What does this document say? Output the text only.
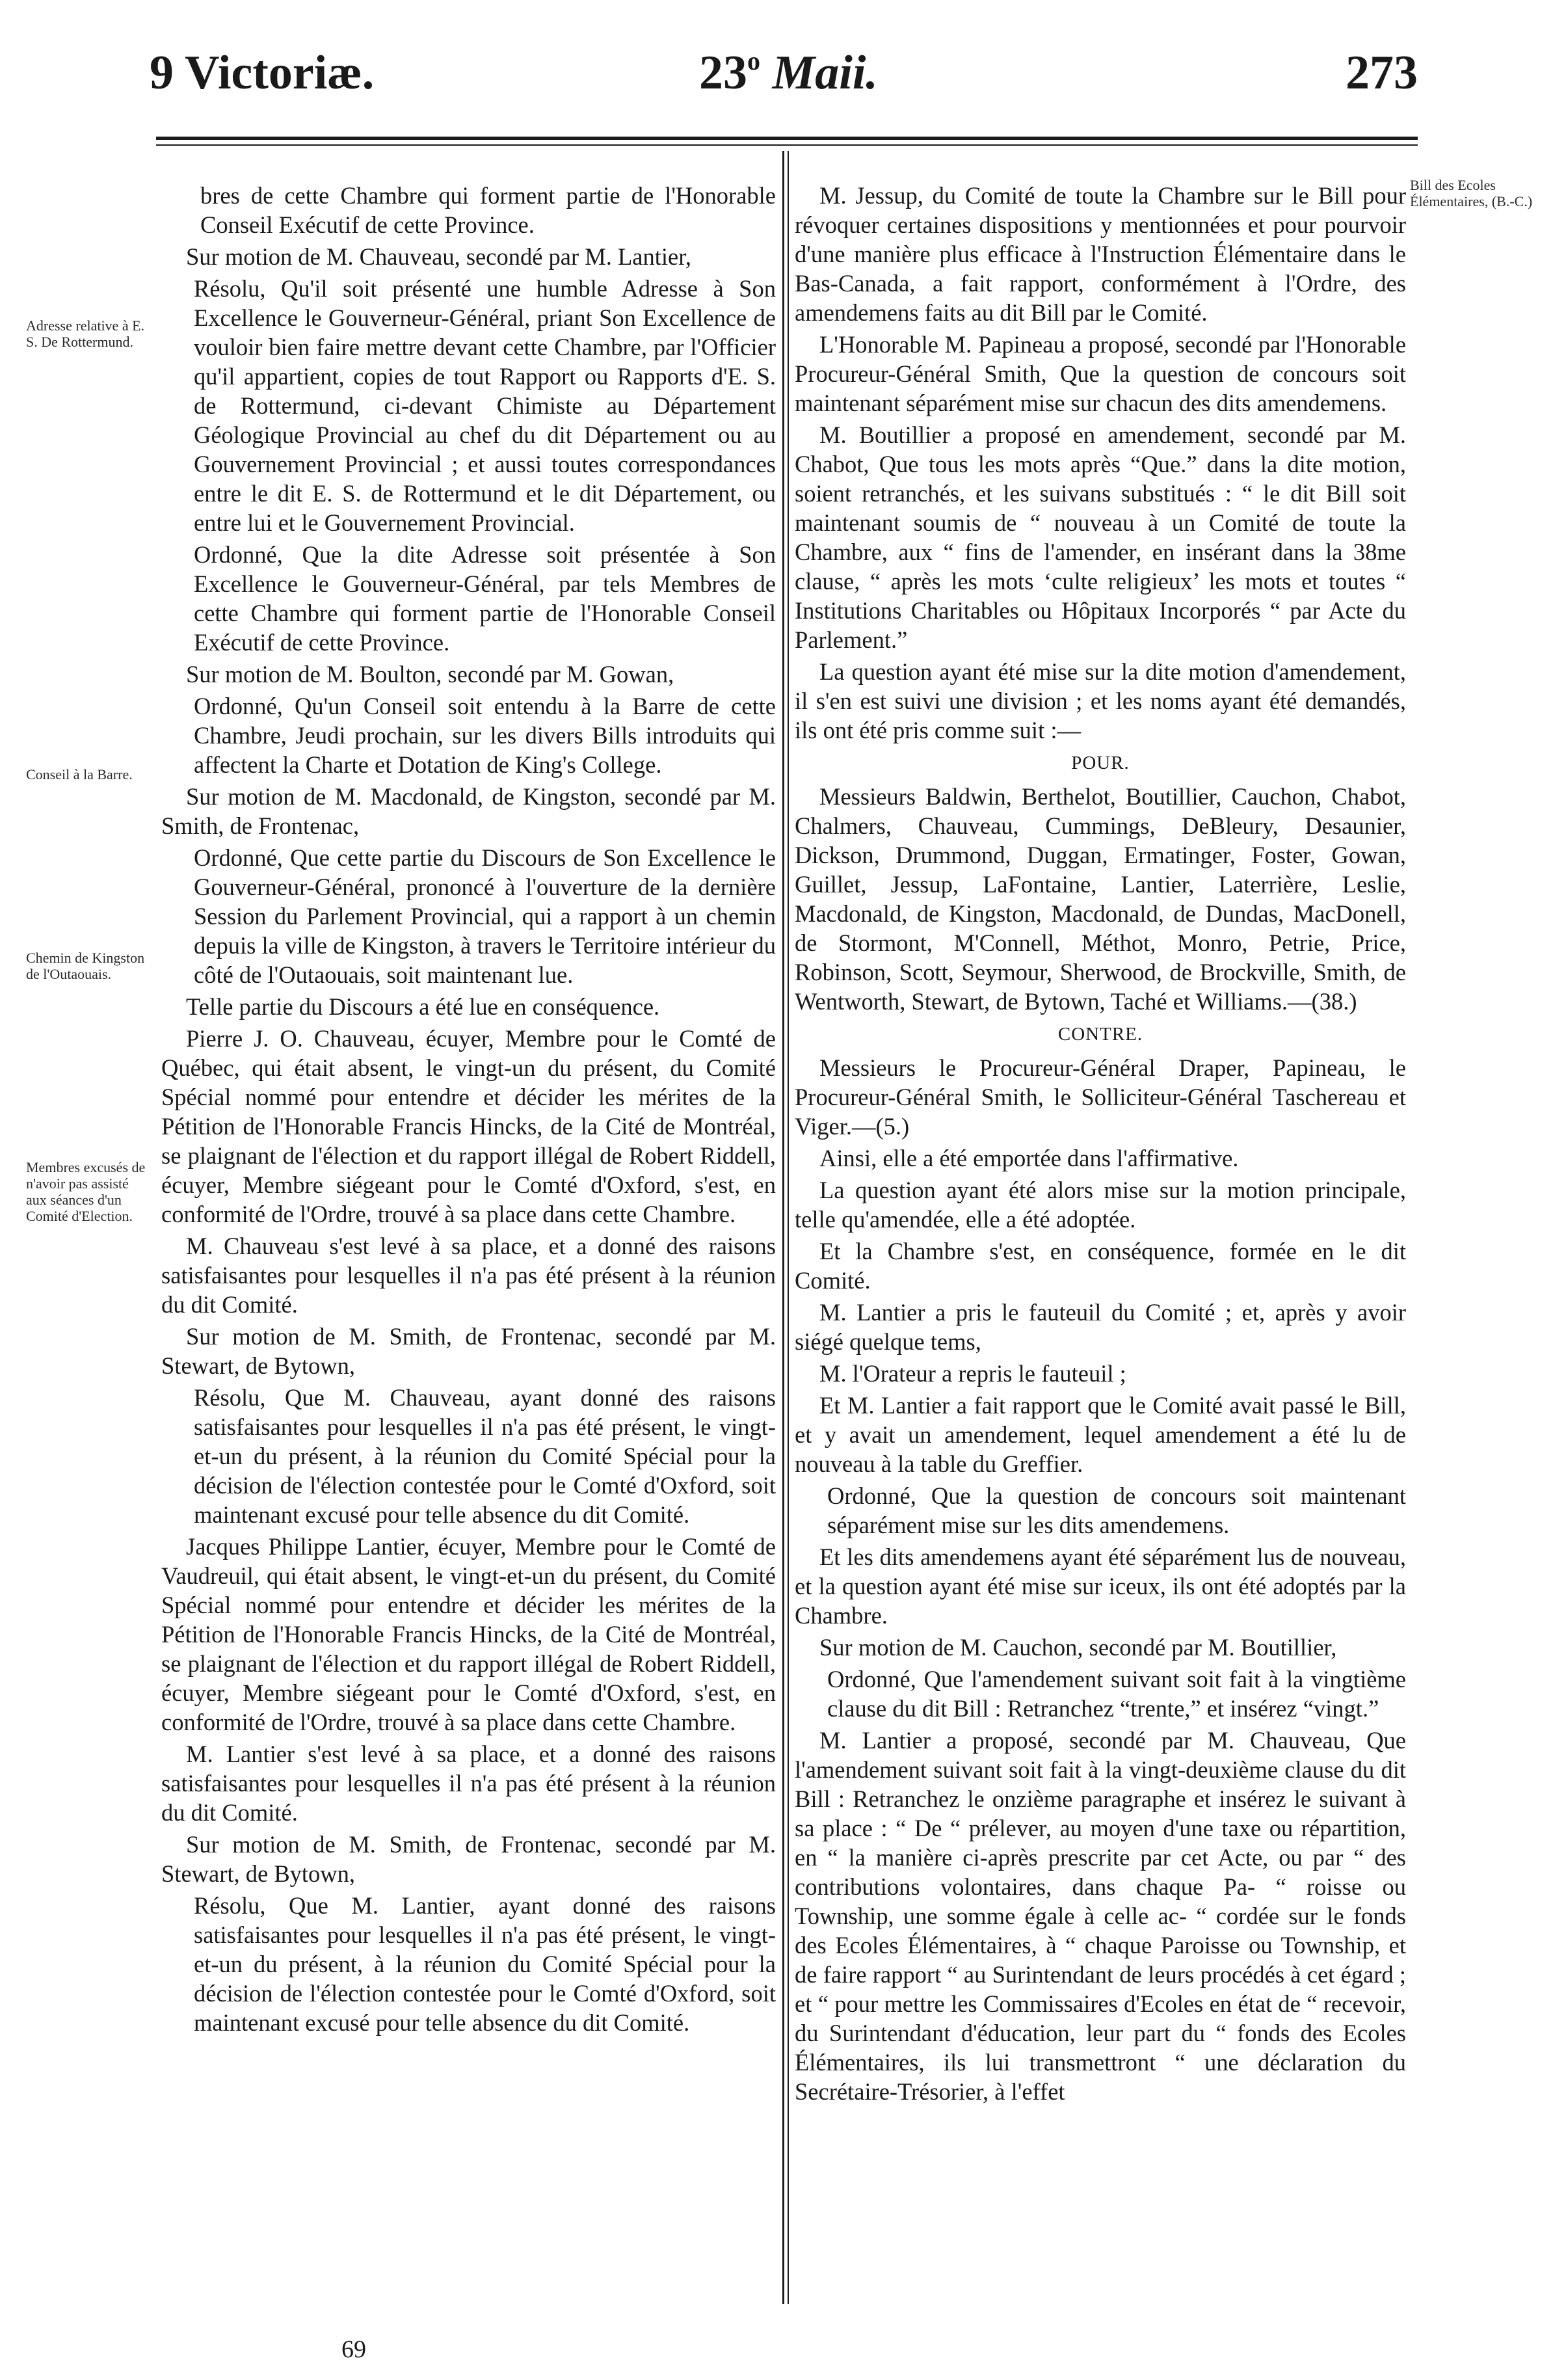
9 Victoriæ.	23$^o$ Maii.	273
Adresse relative à E. S. De Rottermund.
Conseil à la Barre.
Chemin de Kingston de l'Outaouais.
Membres excusés de n'avoir pas assisté aux séances d'un Comité d'Election.
Bill des Ecoles Élémentaires, (B.-C.)

bres de cette Chambre qui forment partie de l'Honorable Conseil Exécutif de cette Province.

Sur motion de M. Chauveau, secondé par M. Lantier,

Résolu, Qu'il soit présenté une humble Adresse à Son Excellence le Gouverneur-Général, priant Son Excellence de vouloir bien faire mettre devant cette Chambre, par l'Officier qu'il appartient, copies de tout Rapport ou Rapports d'E. S. de Rottermund, ci-devant Chimiste au Département Géologique Provincial au chef du dit Département ou au Gouvernement Provincial ; et aussi toutes correspondances entre le dit E. S. de Rottermund et le dit Département, ou entre lui et le Gouvernement Provincial.

Ordonné, Que la dite Adresse soit présentée à Son Excellence le Gouverneur-Général, par tels Membres de cette Chambre qui forment partie de l'Honorable Conseil Exécutif de cette Province.

Sur motion de M. Boulton, secondé par M. Gowan,

Ordonné, Qu'un Conseil soit entendu à la Barre de cette Chambre, Jeudi prochain, sur les divers Bills introduits qui affectent la Charte et Dotation de King's College.

Sur motion de M. Macdonald, de Kingston, secondé par M. Smith, de Frontenac,

Ordonné, Que cette partie du Discours de Son Excellence le Gouverneur-Général, prononcé à l'ouverture de la dernière Session du Parlement Provincial, qui a rapport à un chemin depuis la ville de Kingston, à travers le Territoire intérieur du côté de l'Outaouais, soit maintenant lue.

Telle partie du Discours a été lue en conséquence.

Pierre J. O. Chauveau, écuyer, Membre pour le Comté de Québec, qui était absent, le vingt-un du présent, du Comité Spécial nommé pour entendre et décider les mérites de la Pétition de l'Honorable Francis Hincks, de la Cité de Montréal, se plaignant de l'élection et du rapport illégal de Robert Riddell, écuyer, Membre siégeant pour le Comté d'Oxford, s'est, en conformité de l'Ordre, trouvé à sa place dans cette Chambre.

M. Chauveau s'est levé à sa place, et a donné des raisons satisfaisantes pour lesquelles il n'a pas été présent à la réunion du dit Comité.

Sur motion de M. Smith, de Frontenac, secondé par M. Stewart, de Bytown,

Résolu, Que M. Chauveau, ayant donné des raisons satisfaisantes pour lesquelles il n'a pas été présent, le vingt-et-un du présent, à la réunion du Comité Spécial pour la décision de l'élection contestée pour le Comté d'Oxford, soit maintenant excusé pour telle absence du dit Comité.

Jacques Philippe Lantier, écuyer, Membre pour le Comté de Vaudreuil, qui était absent, le vingt-et-un du présent, du Comité Spécial nommé pour entendre et décider les mérites de la Pétition de l'Honorable Francis Hincks, de la Cité de Montréal, se plaignant de l'élection et du rapport illégal de Robert Riddell, écuyer, Membre siégeant pour le Comté d'Oxford, s'est, en conformité de l'Ordre, trouvé à sa place dans cette Chambre.

M. Lantier s'est levé à sa place, et a donné des raisons satisfaisantes pour lesquelles il n'a pas été présent à la réunion du dit Comité.

Sur motion de M. Smith, de Frontenac, secondé par M. Stewart, de Bytown,

Résolu, Que M. Lantier, ayant donné des raisons satisfaisantes pour lesquelles il n'a pas été présent, le vingt-et-un du présent, à la réunion du Comité Spécial pour la décision de l'élection contestée pour le Comté d'Oxford, soit maintenant excusé pour telle absence du dit Comité.

M. Jessup, du Comité de toute la Chambre sur le Bill pour révoquer certaines dispositions y mentionnées et pour pourvoir d'une manière plus efficace à l'Instruction Élémentaire dans le Bas-Canada, a fait rapport, conformément à l'Ordre, des amendemens faits au dit Bill par le Comité.

L'Honorable M. Papineau a proposé, secondé par l'Honorable Procureur-Général Smith, Que la question de concours soit maintenant séparément mise sur chacun des dits amendemens.

M. Boutillier a proposé en amendement, secondé par M. Chabot, Que tous les mots après “Que.” dans la dite motion, soient retranchés, et les suivans substitués : “ le dit Bill soit maintenant soumis de “ nouveau à un Comité de toute la Chambre, aux “ fins de l'amender, en insérant dans la 38me clause, “ après les mots ‘culte religieux’ les mots et toutes “ Institutions Charitables ou Hôpitaux Incorporés “ par Acte du Parlement.”

La question ayant été mise sur la dite motion d'amendement, il s'en est suivi une division ; et les noms ayant été demandés, ils ont été pris comme suit :—

POUR.

Messieurs Baldwin, Berthelot, Boutillier, Cauchon, Chabot, Chalmers, Chauveau, Cummings, DeBleury, Desaunier, Dickson, Drummond, Duggan, Ermatinger, Foster, Gowan, Guillet, Jessup, LaFontaine, Lantier, Laterrière, Leslie, Macdonald, de Kingston, Macdonald, de Dundas, MacDonell, de Stormont, M'Connell, Méthot, Monro, Petrie, Price, Robinson, Scott, Seymour, Sherwood, de Brockville, Smith, de Wentworth, Stewart, de Bytown, Taché et Williams.—(38.)

CONTRE.

Messieurs le Procureur-Général Draper, Papineau, le Procureur-Général Smith, le Solliciteur-Général Taschereau et Viger.—(5.)

Ainsi, elle a été emportée dans l'affirmative.

La question ayant été alors mise sur la motion principale, telle qu'amendée, elle a été adoptée.

Et la Chambre s'est, en conséquence, formée en le dit Comité.

M. Lantier a pris le fauteuil du Comité ; et, après y avoir siégé quelque tems,

M. l'Orateur a repris le fauteuil ;

Et M. Lantier a fait rapport que le Comité avait passé le Bill, et y avait un amendement, lequel amendement a été lu de nouveau à la table du Greffier.

Ordonné, Que la question de concours soit maintenant séparément mise sur les dits amendemens.

Et les dits amendemens ayant été séparément lus de nouveau, et la question ayant été mise sur iceux, ils ont été adoptés par la Chambre.

Sur motion de M. Cauchon, secondé par M. Boutillier,

Ordonné, Que l'amendement suivant soit fait à la vingtième clause du dit Bill : Retranchez “trente,” et insérez “vingt.”

M. Lantier a proposé, secondé par M. Chauveau, Que l'amendement suivant soit fait à la vingt-deuxième clause du dit Bill : Retranchez le onzième paragraphe et insérez le suivant à sa place : “ De “ prélever, au moyen d'une taxe ou répartition, en “ la manière ci-après prescrite par cet Acte, ou par “ des contributions volontaires, dans chaque Pa- “ roisse ou Township, une somme égale à celle ac- “ cordée sur le fonds des Ecoles Élémentaires, à “ chaque Paroisse ou Township, et de faire rapport “ au Surintendant de leurs procédés à cet égard ; et “ pour mettre les Commissaires d'Ecoles en état de “ recevoir, du Surintendant d'éducation, leur part du “ fonds des Ecoles Élémentaires, ils lui transmettront “ une déclaration du Secrétaire-Trésorier, à l'effet

69
